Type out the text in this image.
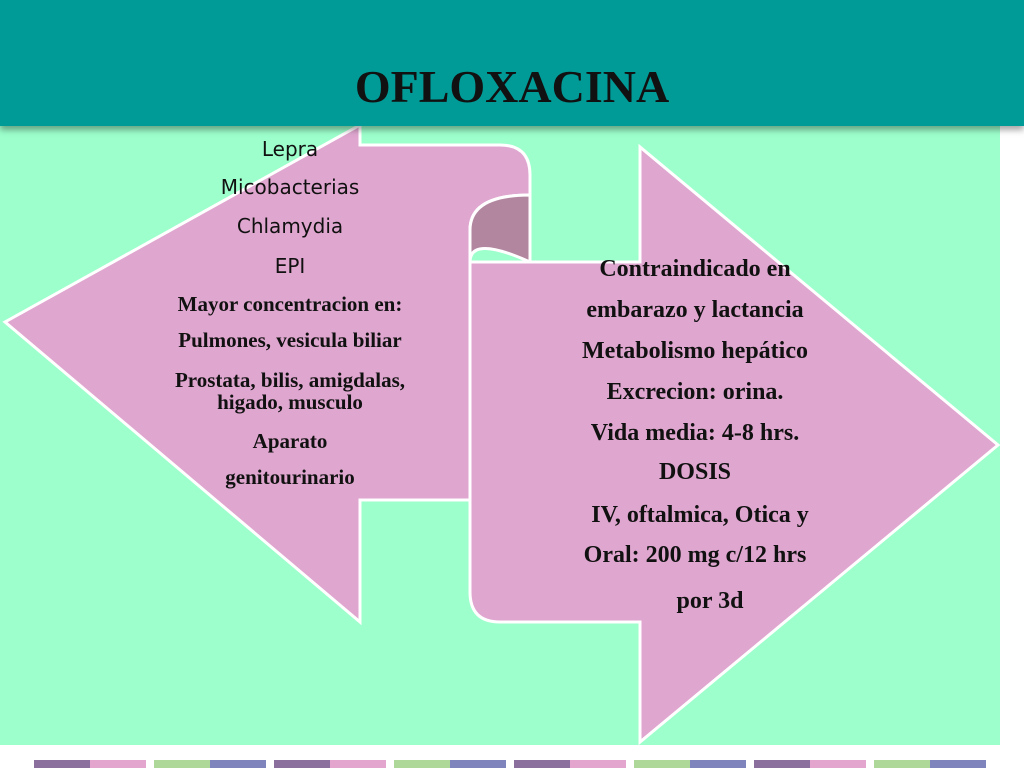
OFLOXACINA
Lepra
Micobacterias
Chlamydia
EPI
Mayor concentracion en:
Pulmones, vesicula biliar
Prostata, bilis, amigdalas, higado, musculo
Aparato
genitourinario
Contraindicado en
embarazo y lactancia
Metabolismo hepático
Excrecion: orina.
Vida media: 4-8 hrs.
DOSIS
IV, oftalmica, Otica y
Oral: 200 mg c/12 hrs
por 3d
